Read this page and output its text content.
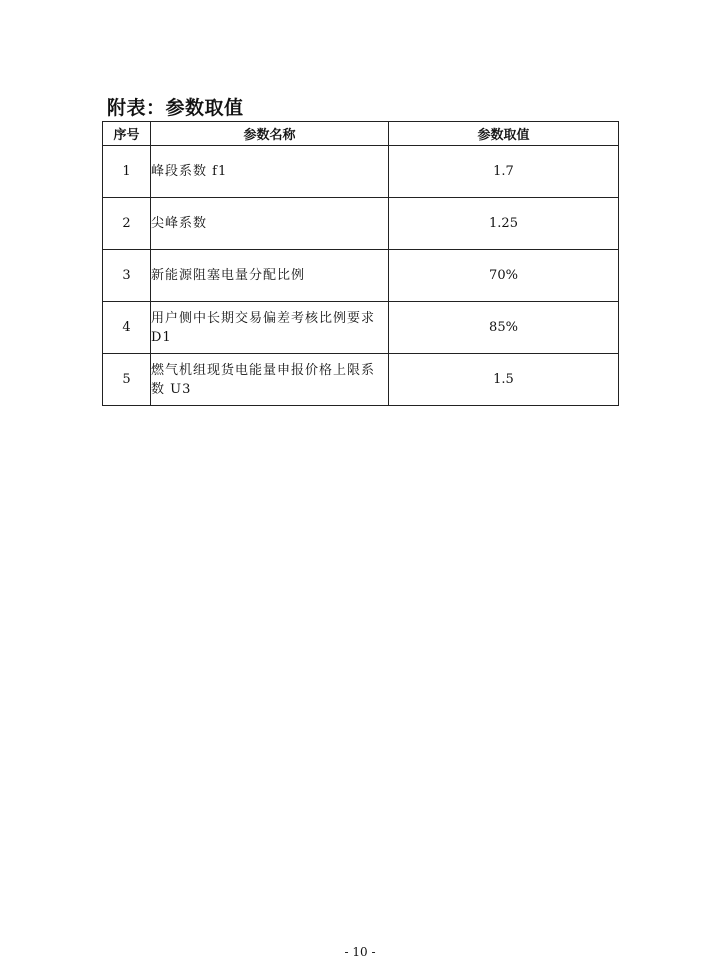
附表：参数取值
序号	参数名称	参数取值
1	峰段系数 f1	1.7
2	尖峰系数	1.25
3	新能源阻塞电量分配比例	70%
4	用户侧中长期交易偏差考核比例要求 D1	85%
5	燃气机组现货电能量申报价格上限系数 U3	1.5
- 10 -
